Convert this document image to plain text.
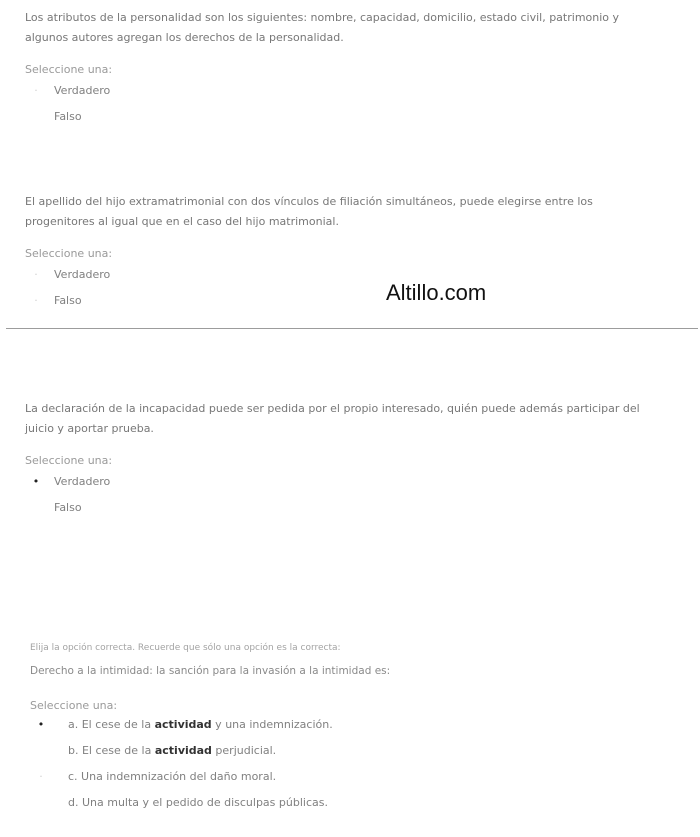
Los atributos de la personalidad son los siguientes: nombre, capacidad, domicilio, estado civil, patrimonio y algunos autores agregan los derechos de la personalidad.

Seleccione una:
·	Verdadero
Falso

El apellido del hijo extramatrimonial con dos vínculos de filiación simultáneos, puede elegirse entre los progenitores al igual que en el caso del hijo matrimonial.

Seleccione una:
·	Verdadero
·	Falso	Altillo.com

La declaración de la incapacidad puede ser pedida por el propio interesado, quién puede además participar del juicio y aportar prueba.

Seleccione una:
•	Verdadero
Falso

Elija la opción correcta. Recuerde que sólo una opción es la correcta:

Derecho a la intimidad: la sanción para la invasión a la intimidad es:

Seleccione una:
•	a. El cese de la actividad y una indemnización.
b. El cese de la actividad perjudicial.
·	c. Una indemnización del daño moral.
d. Una multa y el pedido de disculpas públicas.
